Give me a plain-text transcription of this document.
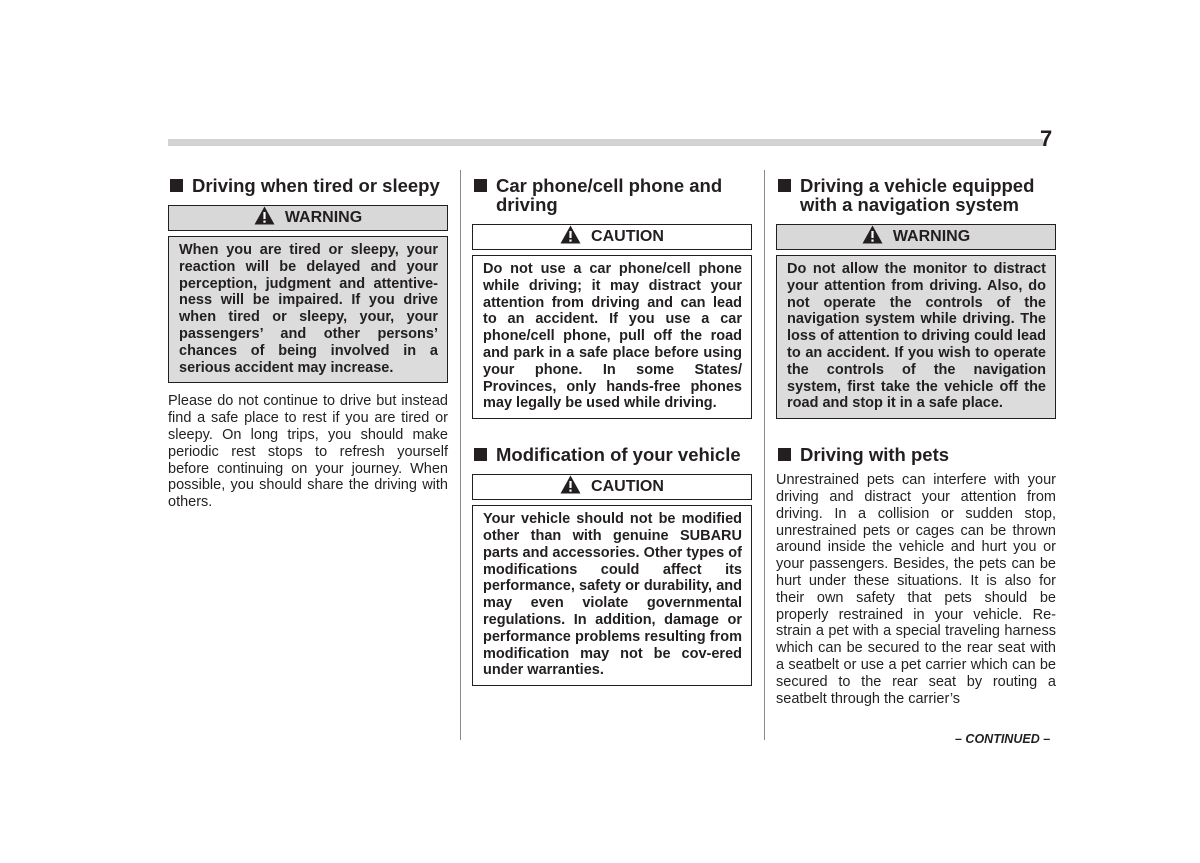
7
Driving when tired or sleepy
WARNING
When you are tired or sleepy, your reaction will be delayed and your perception, judgment and attentive-ness will be impaired. If you drive when tired or sleepy, your, your passengers’ and other persons’ chances of being involved in a serious accident may increase.
Please do not continue to drive but instead find a safe place to rest if you are tired or sleepy. On long trips, you should make periodic rest stops to refresh yourself before continuing on your journey. When possible, you should share the driving with others.
Car phone/cell phone and driving
CAUTION
Do not use a car phone/cell phone while driving; it may distract your attention from driving and can lead to an accident. If you use a car phone/cell phone, pull off the road and park in a safe place before using your phone. In some States/ Provinces, only hands-free phones may legally be used while driving.
Modification of your vehicle
CAUTION
Your vehicle should not be modified other than with genuine SUBARU parts and accessories. Other types of modifications could affect its performance, safety or durability, and may even violate governmental regulations. In addition, damage or performance problems resulting from modification may not be cov-ered under warranties.
Driving a vehicle equipped with a navigation system
WARNING
Do not allow the monitor to distract your attention from driving. Also, do not operate the controls of the navigation system while driving. The loss of attention to driving could lead to an accident. If you wish to operate the controls of the navigation system, first take the vehicle off the road and stop it in a safe place.
Driving with pets
Unrestrained pets can interfere with your driving and distract your attention from driving. In a collision or sudden stop, unrestrained pets or cages can be thrown around inside the vehicle and hurt you or your passengers. Besides, the pets can be hurt under these situations. It is also for their own safety that pets should be properly restrained in your vehicle. Re-strain a pet with a special traveling harness which can be secured to the rear seat with a seatbelt or use a pet carrier which can be secured to the rear seat by routing a seatbelt through the carrier’s
– CONTINUED –
